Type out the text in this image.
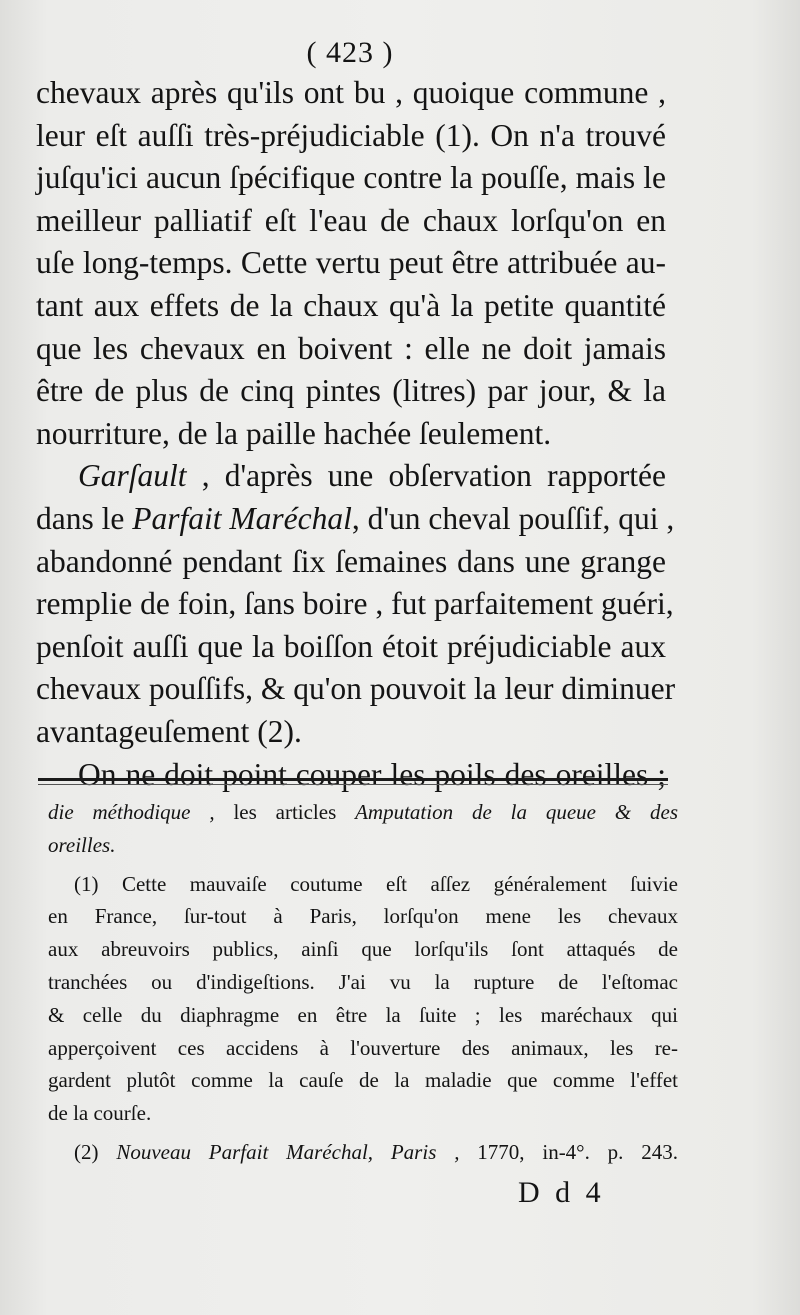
( 423 )
chevaux après qu'ils ont bu , quoique commune ,
leur eſt auſſi très-préjudiciable (1). On n'a trouvé
juſqu'ici aucun ſpécifique contre la pouſſe, mais le
meilleur palliatif eſt l'eau de chaux lorſqu'on en
uſe long-temps. Cette vertu peut être attribuée au-
tant aux effets de la chaux qu'à la petite quantité
que les chevaux en boivent : elle ne doit jamais
être de plus de cinq pintes (litres) par jour, & la
nourriture, de la paille hachée ſeulement.
Garſault , d'après une obſervation rapportée
dans le Parfait Maréchal, d'un cheval pouſſif, qui ,
abandonné pendant ſix ſemaines dans une grange
remplie de foin, ſans boire , fut parfaitement guéri,
penſoit auſſi que la boiſſon étoit préjudiciable aux
chevaux pouſſifs, & qu'on pouvoit la leur diminuer
avantageuſement (2).
On ne doit point couper les poils des oreilles ;
die méthodique , les articles Amputation de la queue & des
oreilles.
(1) Cette mauvaiſe coutume eſt aſſez généralement ſuivie
en France, ſur-tout à Paris, lorſqu'on mene les chevaux
aux abreuvoirs publics, ainſi que lorſqu'ils ſont attaqués de
tranchées ou d'indigeſtions. J'ai vu la rupture de l'eſtomac
& celle du diaphragme en être la ſuite ; les maréchaux qui
apperçoivent ces accidens à l'ouverture des animaux, les re-
gardent plutôt comme la cauſe de la maladie que comme l'effet
de la courſe.
(2) Nouveau Parfait Maréchal, Paris , 1770, in-4°. p. 243.
D d 4
